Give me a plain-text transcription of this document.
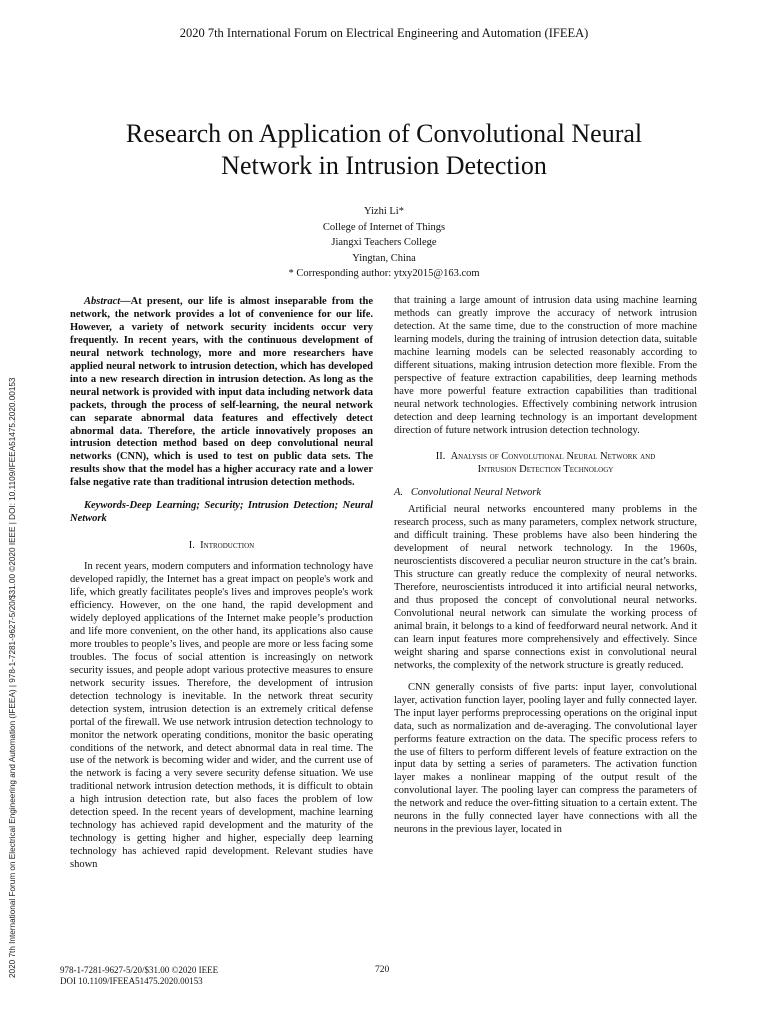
2020 7th International Forum on Electrical Engineering and Automation (IFEEA)
Research on Application of Convolutional Neural
Network in Intrusion Detection
Yizhi Li*
College of Internet of Things
Jiangxi Teachers College
Yingtan, China
* Corresponding author: ytxy2015@163.com
2020 7th International Forum on Electrical Engineering and Automation (IFEEA) | 978-1-7281-9627-5/20/$31.00 ©2020 IEEE | DOI: 10.1109/IFEEA51475.2020.00153

Abstract—At present, our life is almost inseparable from the network, the network provides a lot of convenience for our life. However, a variety of network security incidents occur very frequently. In recent years, with the continuous development of neural network technology, more and more researchers have applied neural network to intrusion detection, which has developed into a new research direction in intrusion detection. As long as the neural network is provided with input data including network data packets, through the process of self-learning, the neural network can separate abnormal data features and effectively detect abnormal data. Therefore, the article innovatively proposes an intrusion detection method based on deep convolutional neural networks (CNN), which is used to test on public data sets. The results show that the model has a higher accuracy rate and a lower false negative rate than traditional intrusion detection methods.

Keywords-Deep Learning; Security; Intrusion Detection; Neural Network

I. Introduction

In recent years, modern computers and information technology have developed rapidly, the Internet has a great impact on people's work and life, which greatly facilitates people's lives and improves people's work efficiency. However, on the one hand, the rapid development and widely deployed applications of the Internet make people’s production and life more convenient, on the other hand, its applications also cause more troubles to people’s lives, and people are more or less facing some troubles. The focus of social attention is increasingly on network security issues, and people adopt various protective measures to ensure network security issues. Therefore, the development of intrusion detection technology is inevitable. In the network threat security detection system, intrusion detection is an extremely critical defense portal of the firewall. We use network intrusion detection technology to monitor the network operating conditions, monitor the basic operating conditions of the network, and detect abnormal data in real time. The use of the network is becoming wider and wider, and the current use of the network is facing a very severe security defense situation. We use traditional network intrusion detection methods, it is difficult to obtain a high intrusion detection rate, but also faces the problem of low detection speed. In the recent years of development, machine learning technology has achieved rapid development and the maturity of the technology is getting higher and higher, especially deep learning technology has achieved rapid development. Relevant studies have shown

that training a large amount of intrusion data using machine learning methods can greatly improve the accuracy of network intrusion detection. At the same time, due to the construction of more machine learning models, during the training of intrusion detection data, suitable machine learning models can be selected reasonably according to different situations, making intrusion detection more flexible. From the perspective of feature extraction capabilities, deep learning methods have more powerful feature extraction capabilities than traditional neural network technologies. Effectively combining network intrusion detection and deep learning technology is an important development direction of future network intrusion detection technology.

II. Analysis of Convolutional Neural Network and
Intrusion Detection Technology
A. Convolutional Neural Network

Artificial neural networks encountered many problems in the research process, such as many parameters, complex network structure, and difficult training. These problems have also been hindering the development of neural network technology. In the 1960s, neuroscientists discovered a peculiar neuron structure in the cat’s brain. This structure can greatly reduce the complexity of neural networks. Therefore, neuroscientists introduced it into artificial neural networks, and thus proposed the concept of convolutional neural networks. Convolutional neural network can simulate the working process of animal brain, it belongs to a kind of feedforward neural network. And it can learn input features more comprehensively and effectively. Since weight sharing and sparse connections exist in convolutional neural networks, the complexity of the network structure is greatly reduced.

CNN generally consists of five parts: input layer, convolutional layer, activation function layer, pooling layer and fully connected layer. The input layer performs preprocessing operations on the original input data, such as normalization and de-averaging. The convolutional layer performs feature extraction on the data. The specific process refers to the use of filters to perform different levels of feature extraction on the input data by setting a series of parameters. The activation function layer makes a nonlinear mapping of the output result of the convolutional layer. The pooling layer can compress the parameters of the network and reduce the over-fitting situation to a certain extent. The neurons in the fully connected layer have connections with all the neurons in the previous layer, located in

978-1-7281-9627-5/20/$31.00 ©2020 IEEE
DOI 10.1109/IFEEA51475.2020.00153
720
